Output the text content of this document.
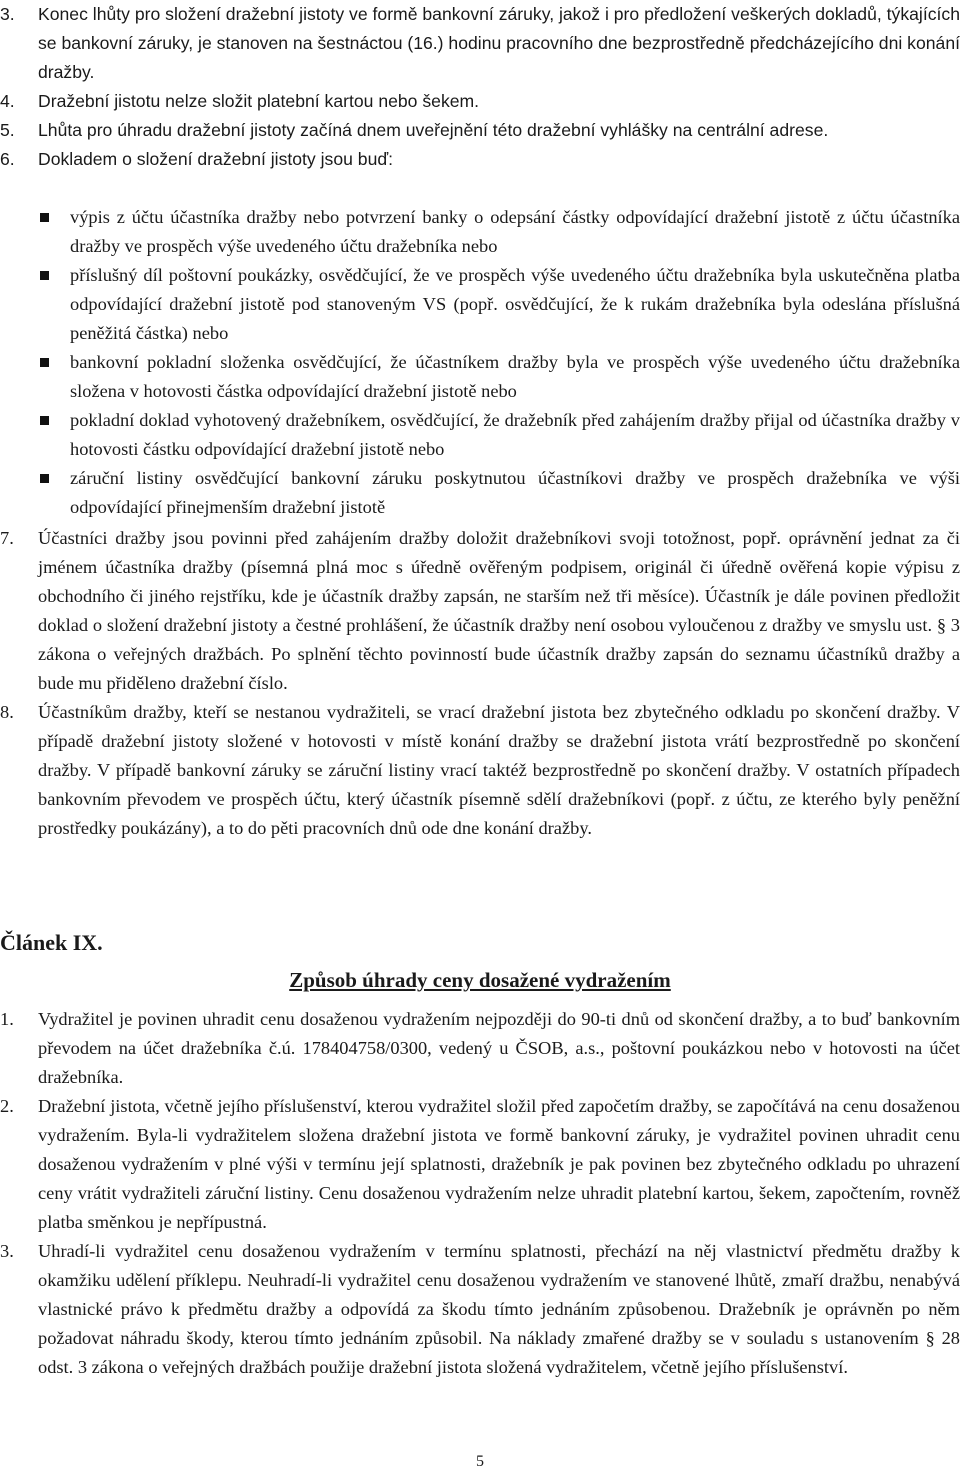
3. Konec lhůty pro složení dražební jistoty ve formě bankovní záruky, jakož i pro předložení veškerých dokladů, týkajících se bankovní záruky, je stanoven na šestnáctou (16.) hodinu pracovního dne bezprostředně předcházejícího dni konání dražby.
4. Dražební jistotu nelze složit platební kartou nebo šekem.
5. Lhůta pro úhradu dražební jistoty začíná dnem uveřejnění této dražební vyhlášky na centrální adrese.
6. Dokladem o složení dražební jistoty jsou buď:
výpis z účtu účastníka dražby nebo potvrzení banky o odepsání částky odpovídající dražební jistotě z účtu účastníka dražby ve prospěch výše uvedeného účtu dražebníka nebo
příslušný díl poštovní poukázky, osvědčující, že ve prospěch výše uvedeného účtu dražebníka byla uskutečněna platba odpovídající dražební jistotě pod stanoveným VS (popř. osvědčující, že k rukám dražebníka byla odeslána příslušná peněžitá částka) nebo
bankovní pokladní složenka osvědčující, že účastníkem dražby byla ve prospěch výše uvedeného účtu dražebníka složena v hotovosti částka odpovídající dražební jistotě nebo
pokladní doklad vyhotovený dražebníkem, osvědčující, že dražebník před zahájením dražby přijal od účastníka dražby v hotovosti částku odpovídající dražební jistotě nebo
záruční listiny osvědčující bankovní záruku poskytnutou účastníkovi dražby ve prospěch dražebníka ve výši odpovídající přinejmenším dražební jistotě
7. Účastníci dražby jsou povinni před zahájením dražby doložit dražebníkovi svoji totožnost, popř. oprávnění jednat za či jménem účastníka dražby (písemná plná moc s úředně ověřeným podpisem, originál či úředně ověřená kopie výpisu z obchodního či jiného rejstříku, kde je účastník dražby zapsán, ne starším než tři měsíce). Účastník je dále povinen předložit doklad o složení dražební jistoty a čestné prohlášení, že účastník dražby není osobou vyloučenou z dražby ve smyslu ust. § 3 zákona o veřejných dražbách. Po splnění těchto povinností bude účastník dražby zapsán do seznamu účastníků dražby a bude mu přiděleno dražební číslo.
8. Účastníkům dražby, kteří se nestanou vydražiteli, se vrací dražební jistota bez zbytečného odkladu po skončení dražby. V případě dražební jistoty složené v hotovosti v místě konání dražby se dražební jistota vrátí bezprostředně po skončení dražby. V případě bankovní záruky se záruční listiny vrací taktéž bezprostředně po skončení dražby. V ostatních případech bankovním převodem ve prospěch účtu, který účastník písemně sdělí dražebníkovi (popř. z účtu, ze kterého byly peněžní prostředky poukázány), a to do pěti pracovních dnů ode dne konání dražby.
Článek IX.
Způsob úhrady ceny dosažené vydražením
1. Vydražitel je povinen uhradit cenu dosaženou vydražením nejpozději do 90-ti dnů od skončení dražby, a to buď bankovním převodem na účet dražebníka č.ú. 178404758/0300, vedený u ČSOB, a.s., poštovní poukázkou nebo v hotovosti na účet dražebníka.
2. Dražební jistota, včetně jejího příslušenství, kterou vydražitel složil před započetím dražby, se započítává na cenu dosaženou vydražením. Byla-li vydražitelem složena dražební jistota ve formě bankovní záruky, je vydražitel povinen uhradit cenu dosaženou vydražením v plné výši v termínu její splatnosti, dražebník je pak povinen bez zbytečného odkladu po uhrazení ceny vrátit vydražiteli záruční listiny. Cenu dosaženou vydražením nelze uhradit platební kartou, šekem, započtením, rovněž platba směnkou je nepřípustná.
3. Uhradí-li vydražitel cenu dosaženou vydražením v termínu splatnosti, přechází na něj vlastnictví předmětu dražby k okamžiku udělení příklepu. Neuhradí-li vydražitel cenu dosaženou vydražením ve stanovené lhůtě, zmaří dražbu, nenabývá vlastnické právo k předmětu dražby a odpovídá za škodu tímto jednáním způsobenou. Dražebník je oprávněn po něm požadovat náhradu škody, kterou tímto jednáním způsobil. Na náklady zmařené dražby se v souladu s ustanovením § 28 odst. 3 zákona o veřejných dražbách použije dražební jistota složená vydražitelem, včetně jejího příslušenství.
5
